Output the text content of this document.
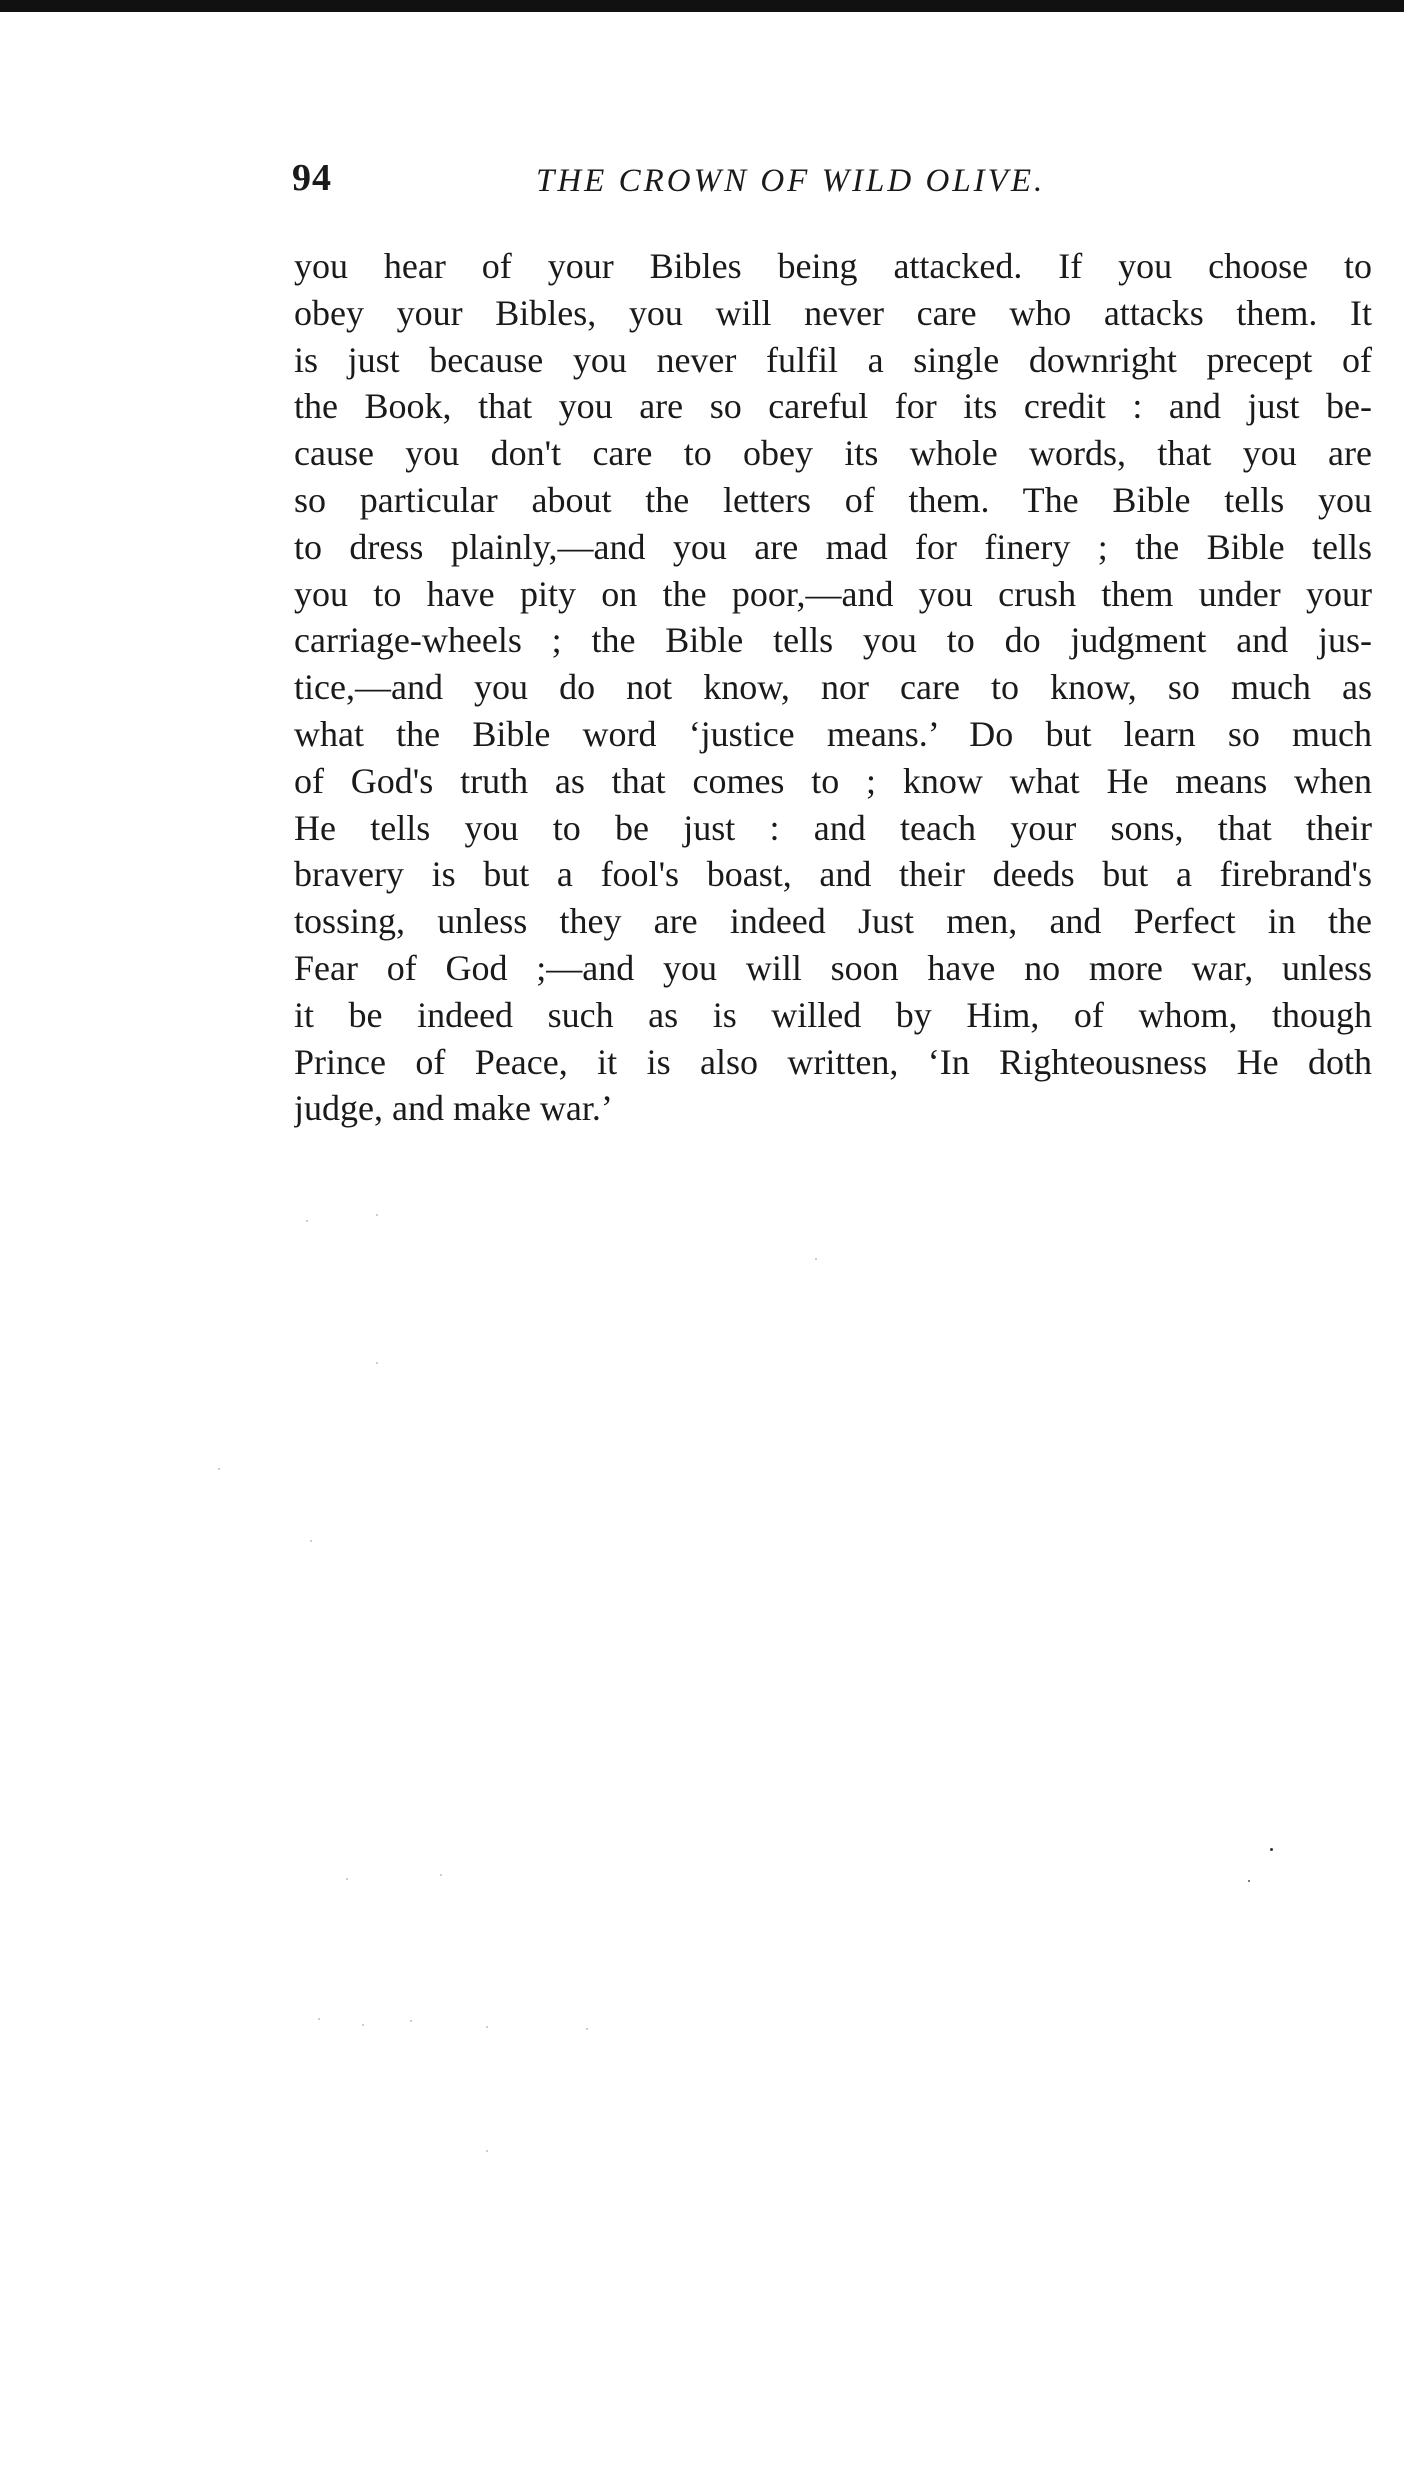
94	THE CROWN OF WILD OLIVE.
you hear of your Bibles being attacked. If you choose to
obey your Bibles, you will never care who attacks them. It
is just because you never fulfil a single downright precept of
the Book, that you are so careful for its credit : and just be-
cause you don't care to obey its whole words, that you are
so particular about the letters of them. The Bible tells you
to dress plainly,—and you are mad for finery ; the Bible tells
you to have pity on the poor,—and you crush them under your
carriage-wheels ; the Bible tells you to do judgment and jus-
tice,—and you do not know, nor care to know, so much as
what the Bible word ‘justice means.’ Do but learn so much
of God's truth as that comes to ; know what He means when
He tells you to be just : and teach your sons, that their
bravery is but a fool's boast, and their deeds but a firebrand's
tossing, unless they are indeed Just men, and Perfect in the
Fear of God ;—and you will soon have no more war, unless
it be indeed such as is willed by Him, of whom, though
Prince of Peace, it is also written, ‘In Righteousness He doth
judge, and make war.’
